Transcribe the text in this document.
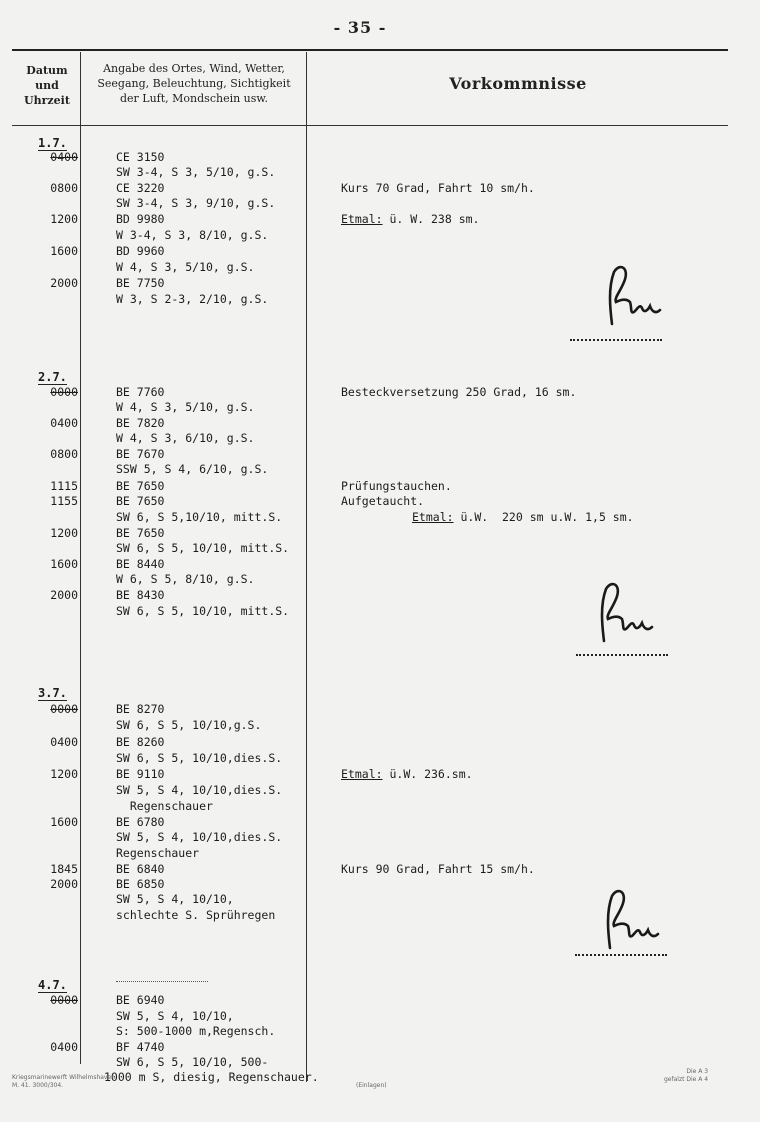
- 35 -
Datum
und
Uhrzeit
Angabe des Ortes, Wind, Wetter,
Seegang, Beleuchtung, Sichtigkeit
der Luft, Mondschein usw.
Vorkommnisse
1.7.
0400	CE 3150
SW 3-4, S 3, 5/10, g.S.
0800	CE 3220	Kurs 70 Grad, Fahrt 10 sm/h.
SW 3-4, S 3, 9/10, g.S.
1200	BD 9980	Etmal: ü. W. 238 sm.
W 3-4, S 3, 8/10, g.S.
1600	BD 9960
W 4, S 3, 5/10, g.S.
2000	BE 7750
W 3, S 2-3, 2/10, g.S.
2.7.
0000	BE 7760	Besteckversetzung 250 Grad, 16 sm.
W 4, S 3, 5/10, g.S.
0400	BE 7820
W 4, S 3, 6/10, g.S.
0800	BE 7670
SSW 5, S 4, 6/10, g.S.
1115	BE 7650	Prüfungstauchen.
1155	BE 7650	Aufgetaucht.
SW 6, S 5,10/10, mitt.S.	Etmal: ü.W.  220 sm u.W. 1,5 sm.
1200	BE 7650
SW 6, S 5, 10/10, mitt.S.
1600	BE 8440
W 6, S 5, 8/10, g.S.
2000	BE 8430
SW 6, S 5, 10/10, mitt.S.
3.7.
0000	BE 8270
SW 6, S 5, 10/10,g.S.
0400	BE 8260
SW 6, S 5, 10/10,dies.S.
1200	BE 9110	Etmal: ü.W. 236.sm.
SW 5, S 4, 10/10,dies.S.
Regenschauer
1600	BE 6780
SW 5, S 4, 10/10,dies.S.
Regenschauer
1845	BE 6840	Kurs 90 Grad, Fahrt 15 sm/h.
2000	BE 6850
SW 5, S 4, 10/10,
schlechte S. Sprühregen
4.7.
0000	BE 6940
SW 5, S 4, 10/10,
S: 500-1000 m,Regensch.
0400	BF 4740
SW 6, S 5, 10/10, 500-
1000 m S, diesig, Regenschauer.
Kriegsmarinewerft Wilhelmshaven
M. 41. 3000/304.	(Einlagen)
Die A 3
gefalzt Die A 4
